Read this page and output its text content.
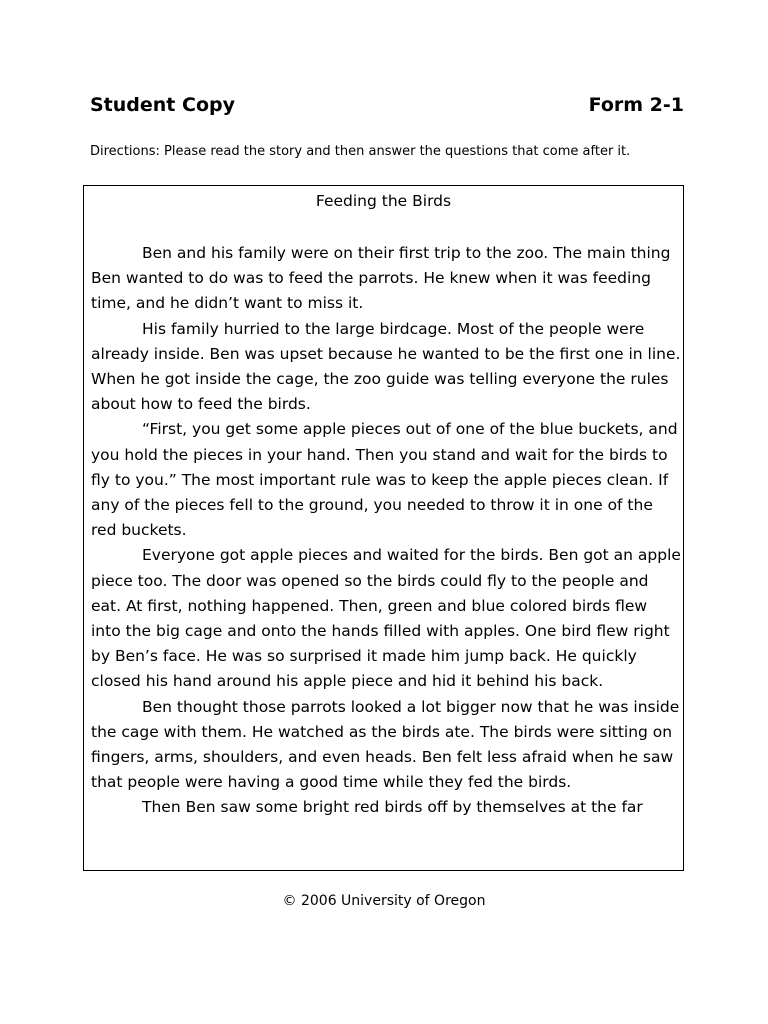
Student Copy	Form 2-1
Directions: Please read the story and then answer the questions that come after it.
Feeding the Birds

Ben and his family were on their first trip to the zoo. The main thing Ben wanted to do was to feed the parrots. He knew when it was feeding time, and he didn’t want to miss it.

His family hurried to the large birdcage. Most of the people were already inside. Ben was upset because he wanted to be the first one in line. When he got inside the cage, the zoo guide was telling everyone the rules about how to feed the birds.

“First, you get some apple pieces out of one of the blue buckets, and you hold the pieces in your hand. Then you stand and wait for the birds to fly to you.” The most important rule was to keep the apple pieces clean. If any of the pieces fell to the ground, you needed to throw it in one of the red buckets.

Everyone got apple pieces and waited for the birds. Ben got an apple piece too. The door was opened so the birds could fly to the people and eat. At first, nothing happened. Then, green and blue colored birds flew into the big cage and onto the hands filled with apples. One bird flew right by Ben’s face. He was so surprised it made him jump back. He quickly closed his hand around his apple piece and hid it behind his back.

Ben thought those parrots looked a lot bigger now that he was inside the cage with them. He watched as the birds ate. The birds were sitting on fingers, arms, shoulders, and even heads. Ben felt less afraid when he saw that people were having a good time while they fed the birds.

Then Ben saw some bright red birds off by themselves at the far

© 2006 University of Oregon
